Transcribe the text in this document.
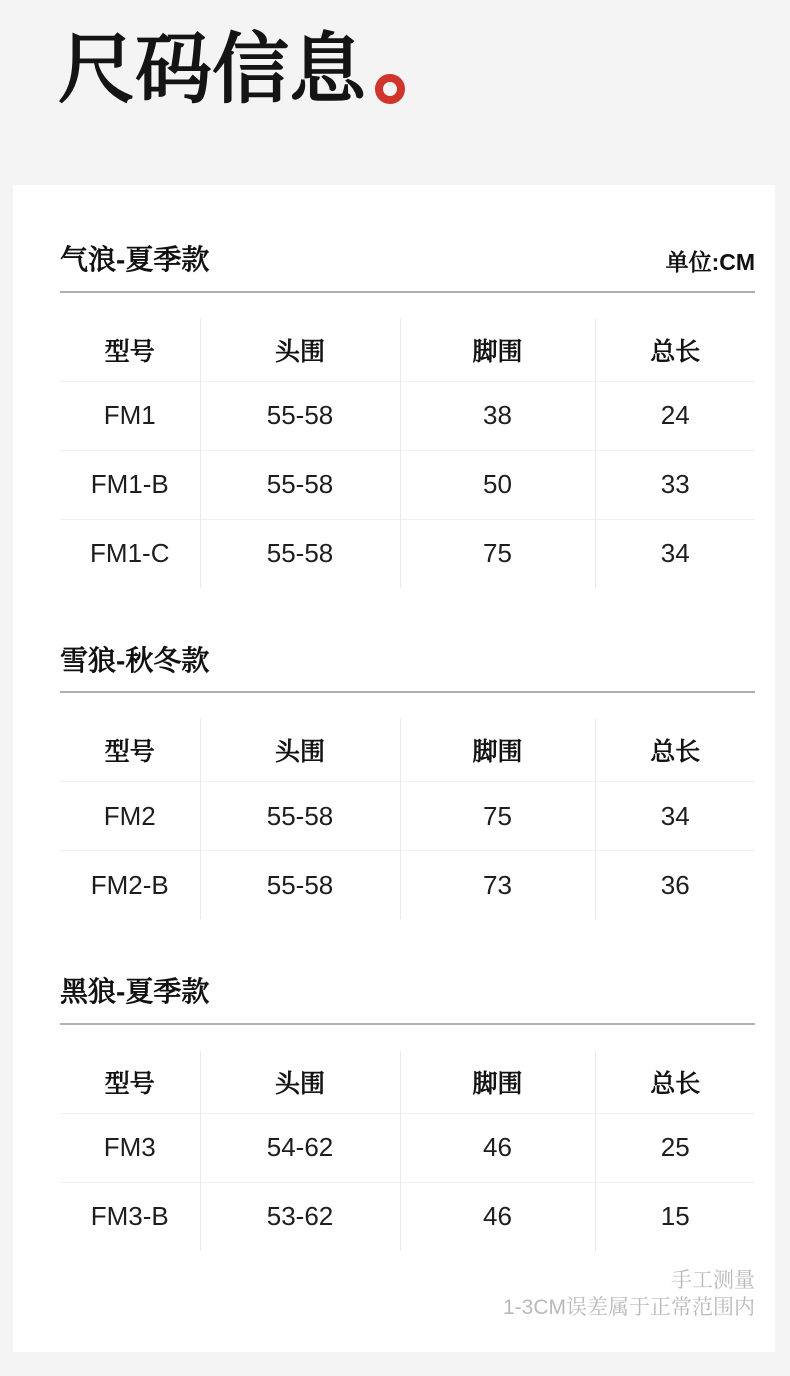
尺码信息
气浪-夏季款	单位:CM
型号	头围	脚围	总长
FM1	55-58	38	24
FM1-B	55-58	50	33
FM1-C	55-58	75	34
雪狼-秋冬款
型号	头围	脚围	总长
FM2	55-58	75	34
FM2-B	55-58	73	36
黑狼-夏季款
型号	头围	脚围	总长
FM3	54-62	46	25
FM3-B	53-62	46	15
手工测量
1-3CM误差属于正常范围内
